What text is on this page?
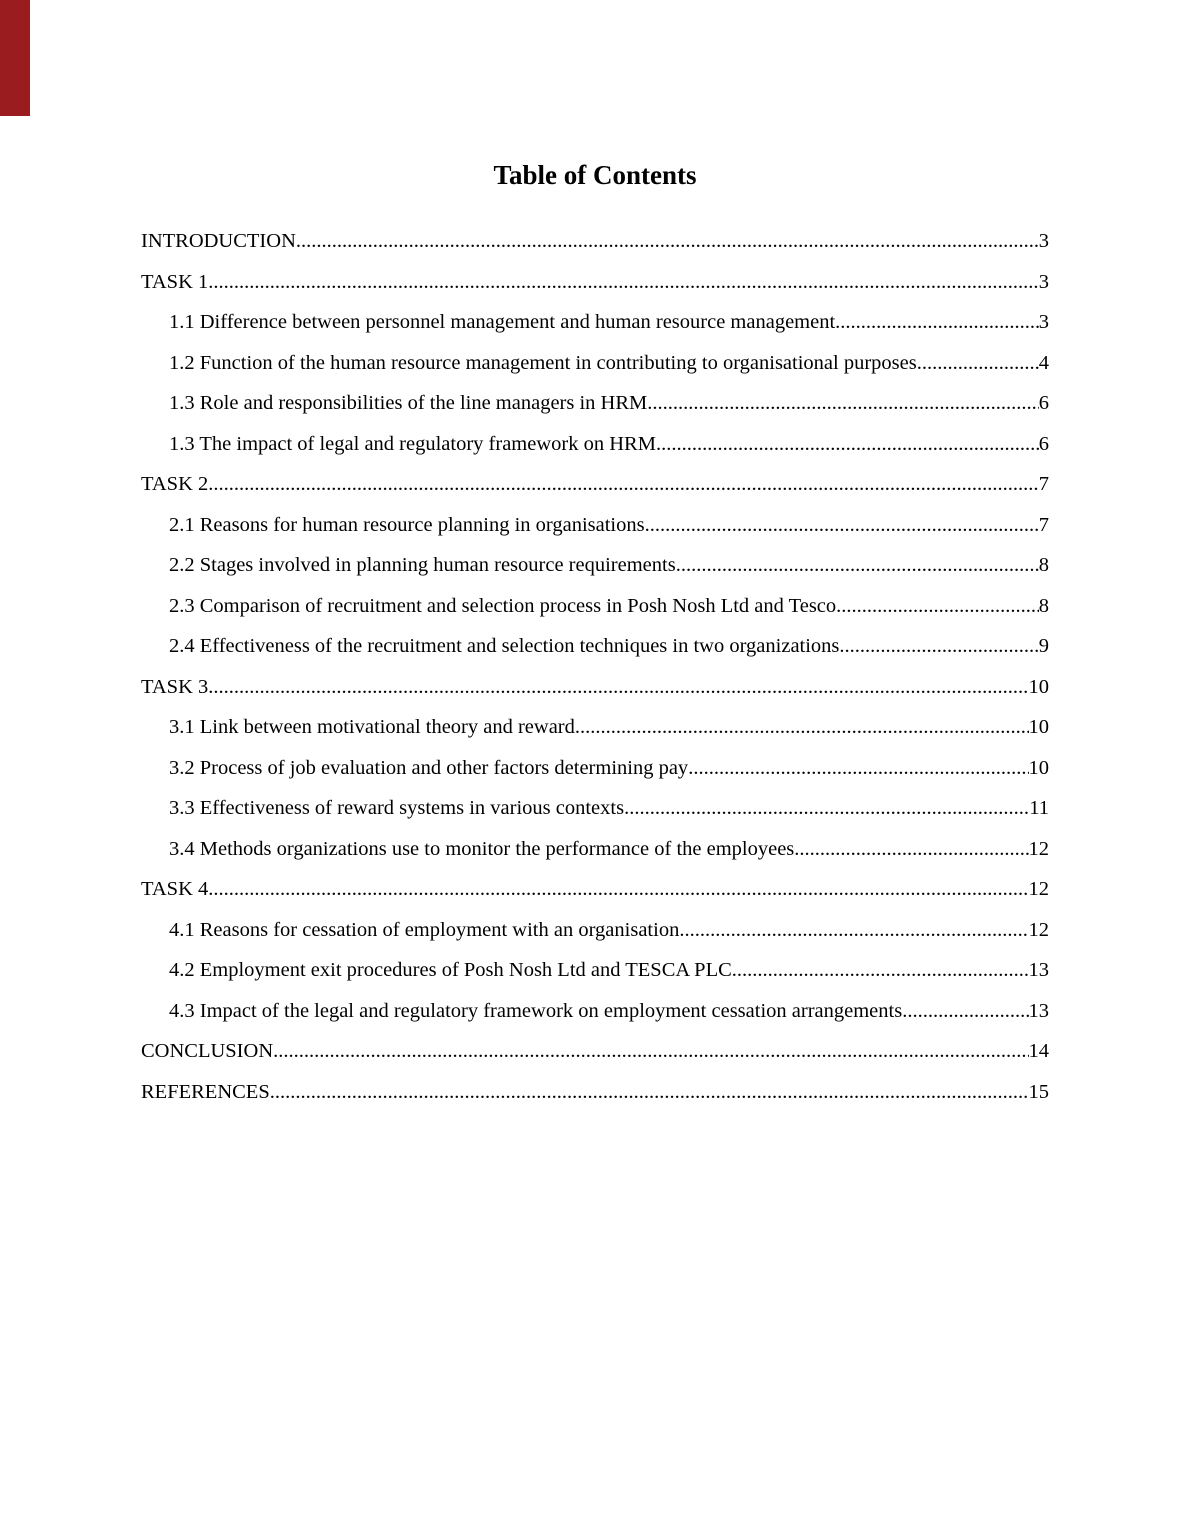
Table of Contents
INTRODUCTION .....	3
TASK 1 .....	3
1.1 Difference between personnel management and human resource management .....	3
1.2 Function of the human resource management in contributing to organisational purposes .....	4
1.3 Role and responsibilities of the line managers in HRM .....	6
1.3 The impact of legal and regulatory framework on HRM .....	6
TASK 2 .....	7
2.1 Reasons for human resource planning in organisations .....	7
2.2 Stages involved in planning human resource requirements .....	8
2.3 Comparison of recruitment and selection process in Posh Nosh Ltd and Tesco .....	8
2.4 Effectiveness of the recruitment and selection techniques in two organizations .....	9
TASK 3 .....	10
3.1 Link between motivational theory and reward .....	10
3.2 Process of job evaluation and other factors determining pay .....	10
3.3 Effectiveness of reward systems in various contexts .....	11
3.4 Methods organizations use to monitor the performance of the employees .....	12
TASK 4 .....	12
4.1 Reasons for cessation of employment with an organisation .....	12
4.2 Employment exit procedures of Posh Nosh Ltd and TESCA PLC .....	13
4.3 Impact of the legal and regulatory framework on employment cessation arrangements .....	13
CONCLUSION .....	14
REFERENCES .....	15
